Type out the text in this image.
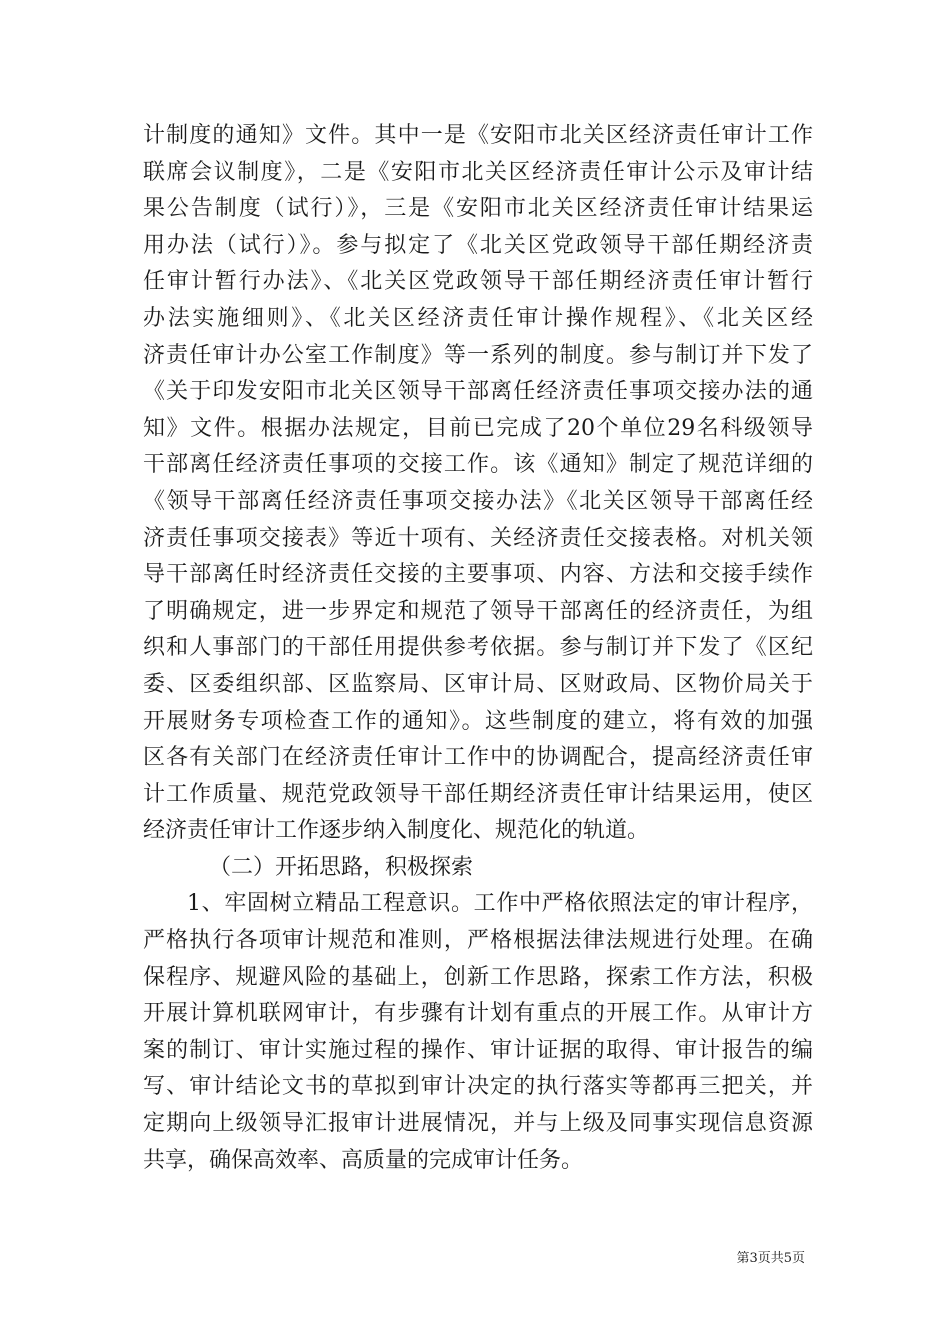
计制度的通知》文件。其中一是《安阳市北关区经济责任审计工作
联席会议制度》，二是《安阳市北关区经济责任审计公示及审计结
果公告制度（试行）》，三是《安阳市北关区经济责任审计结果运
用办法（试行）》。参与拟定了《北关区党政领导干部任期经济责
任审计暂行办法》、《北关区党政领导干部任期经济责任审计暂行
办法实施细则》、《北关区经济责任审计操作规程》、《北关区经
济责任审计办公室工作制度》等一系列的制度。参与制订并下发了
《关于印发安阳市北关区领导干部离任经济责任事项交接办法的通
知》文件。根据办法规定，目前已完成了20个单位29名科级领导
干部离任经济责任事项的交接工作。该《通知》制定了规范详细的
《领导干部离任经济责任事项交接办法》《北关区领导干部离任经
济责任事项交接表》等近十项有、关经济责任交接表格。对机关领
导干部离任时经济责任交接的主要事项、内容、方法和交接手续作
了明确规定，进一步界定和规范了领导干部离任的经济责任，为组
织和人事部门的干部任用提供参考依据。参与制订并下发了《区纪
委、区委组织部、区监察局、区审计局、区财政局、区物价局关于
开展财务专项检查工作的通知》。这些制度的建立，将有效的加强
区各有关部门在经济责任审计工作中的协调配合，提高经济责任审
计工作质量、规范党政领导干部任期经济责任审计结果运用，使区
经济责任审计工作逐步纳入制度化、规范化的轨道。
（二）开拓思路，积极探索
1、牢固树立精品工程意识。工作中严格依照法定的审计程序，
严格执行各项审计规范和准则，严格根据法律法规进行处理。在确
保程序、规避风险的基础上，创新工作思路，探索工作方法，积极
开展计算机联网审计，有步骤有计划有重点的开展工作。从审计方
案的制订、审计实施过程的操作、审计证据的取得、审计报告的编
写、审计结论文书的草拟到审计决定的执行落实等都再三把关，并
定期向上级领导汇报审计进展情况，并与上级及同事实现信息资源
共享，确保高效率、高质量的完成审计任务。
第3页共5页
